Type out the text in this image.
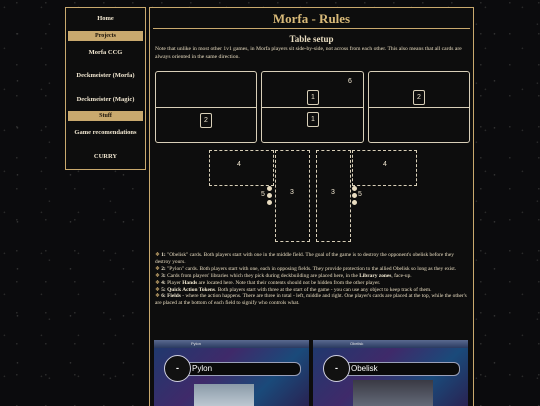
Home
Projects
Morfa CCG
Deckmeister (Morfa)
Deckmeister (Magic)
Stuff
Game recomendations
CURRY
Morfa - Rules
Table setup
Note that unlike in most other 1v1 games, in Morfa players sit side-by-side, not across from each other. This also means that all cards are always oriented in the same direction.
2
1
1
6
2
4	4
3	3
5	5

❖ 1: "Obelisk" cards. Both players start with one in the middle field. The goal of the game is to destroy the opponent's obelisk before they destroy yours.

❖ 2: "Pylon" cards. Both players start with one, each in opposing fields. They provide protection to the allied Obelisk so long as they exist.

❖ 3: Cards from players' libraries which they pick during deckbuilding are placed here, in the Library zones, face-up.

❖ 4: Player Hands are located here. Note that their contents should not be hidden from the other player.

❖ 5: Quick Action Tokens. Both players start with three at the start of the game - you can use any object to keep track of them.

❖ 6: Fields - where the action happens. There are three in total - left, middle and right. One player's cards are placed at the top, while the other's are placed at the bottom of each field to signify who controls what.

Pylon
Pylon
-
Obelisk
Obelisk
-
